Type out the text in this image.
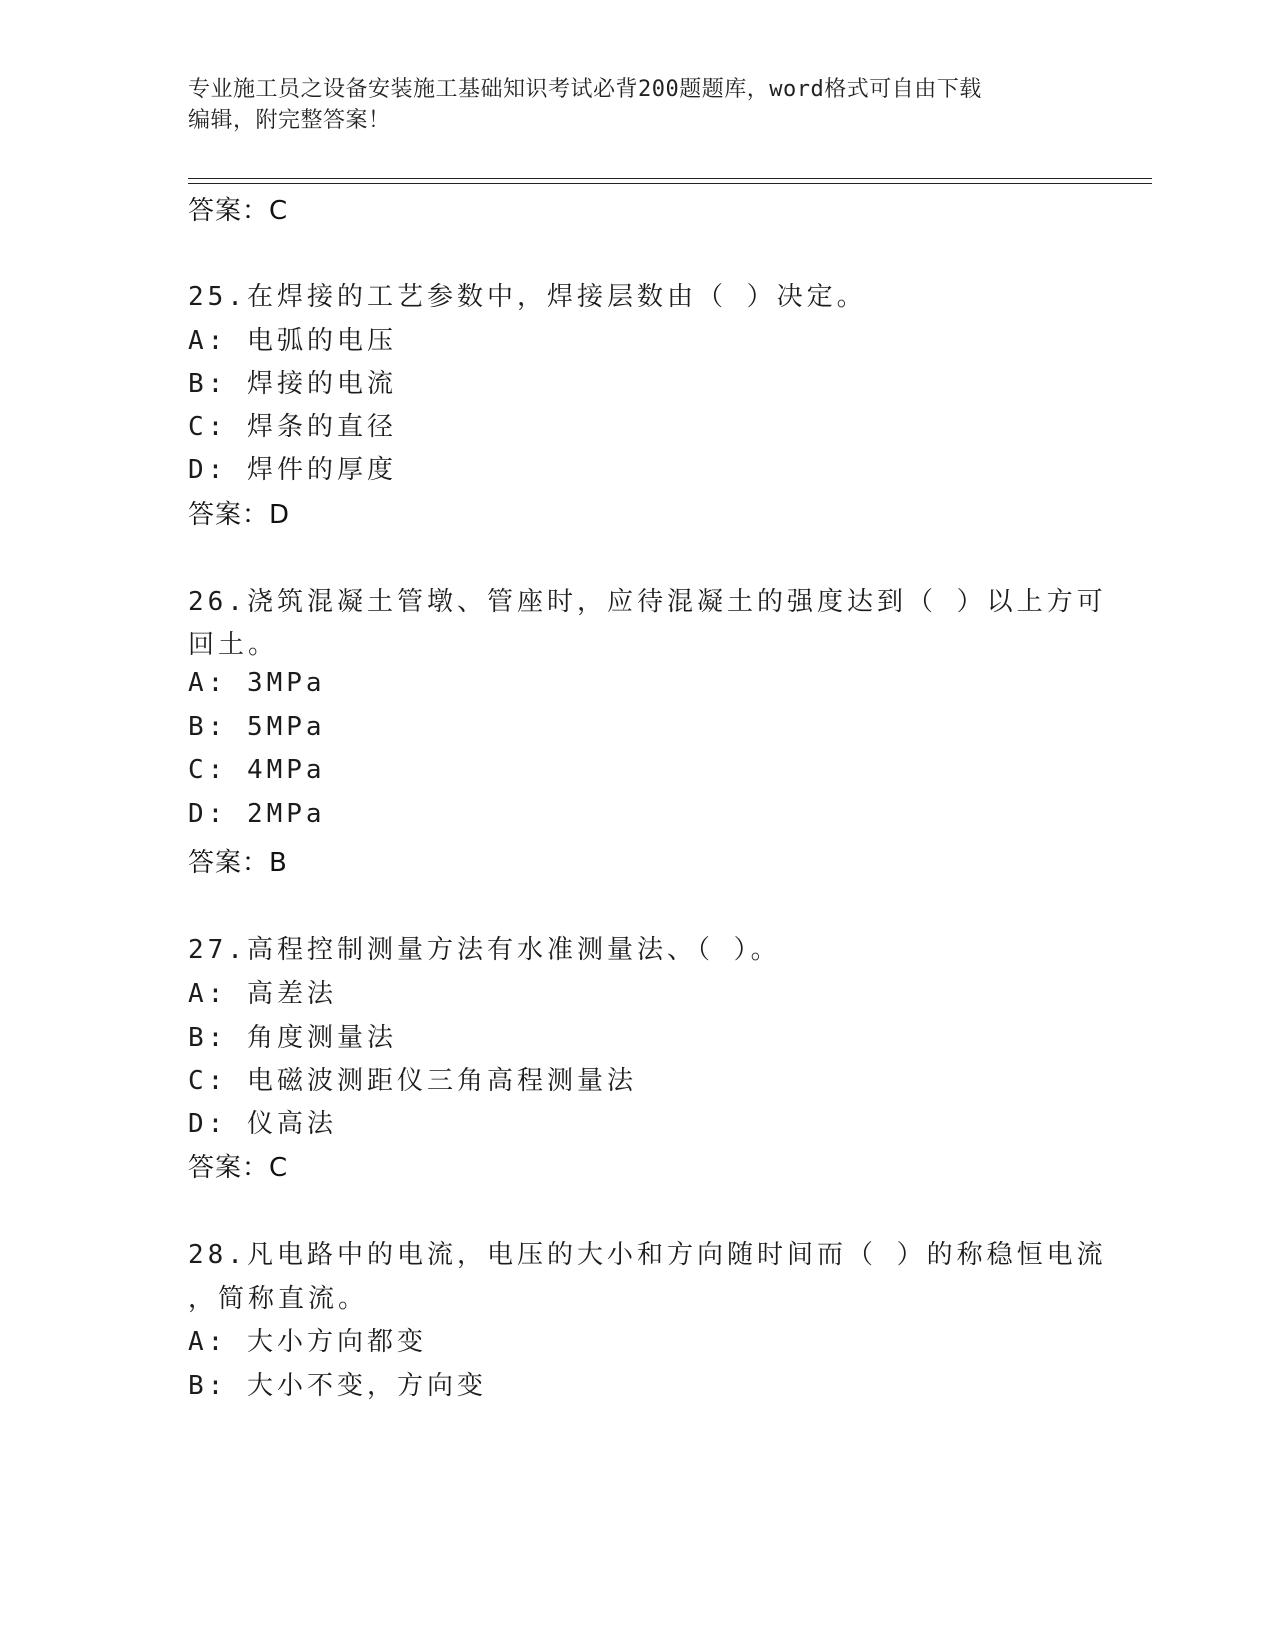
专业施工员之设备安装施工基础知识考试必背200题题库，word格式可自由下载
编辑，附完整答案！
答案：C
25.在焊接的工艺参数中，焊接层数由（ ）决定。
A: 电弧的电压
B: 焊接的电流
C: 焊条的直径
D: 焊件的厚度
答案：D
26.浇筑混凝土管墩、管座时，应待混凝土的强度达到（ ）以上方可
回土。
A: 3MPa
B: 5MPa
C: 4MPa
D: 2MPa
答案：B
27.高程控制测量方法有水准测量法、（ ）。
A: 高差法
B: 角度测量法
C: 电磁波测距仪三角高程测量法
D: 仪高法
答案：C
28.凡电路中的电流，电压的大小和方向随时间而（ ）的称稳恒电流
，简称直流。
A: 大小方向都变
B: 大小不变，方向变
